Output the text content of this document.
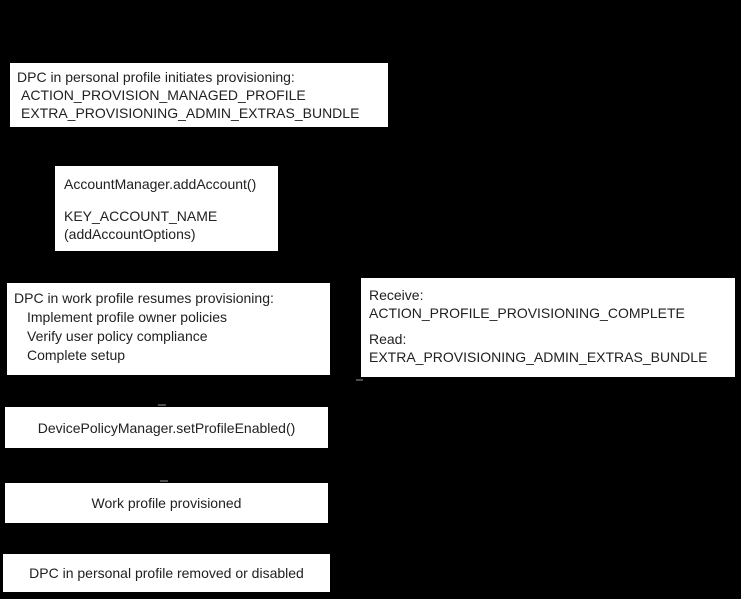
DPC in personal profile initiates provisioning:
ACTION_PROVISION_MANAGED_PROFILE
EXTRA_PROVISIONING_ADMIN_EXTRAS_BUNDLE
AccountManager.addAccount()
KEY_ACCOUNT_NAME
(addAccountOptions)
DPC in work profile resumes provisioning:
Implement profile owner policies
Verify user policy compliance
Complete setup
Receive:
ACTION_PROFILE_PROVISIONING_COMPLETE
Read:
EXTRA_PROVISIONING_ADMIN_EXTRAS_BUNDLE
DevicePolicyManager.setProfileEnabled()
Work profile provisioned
DPC in personal profile removed or disabled
